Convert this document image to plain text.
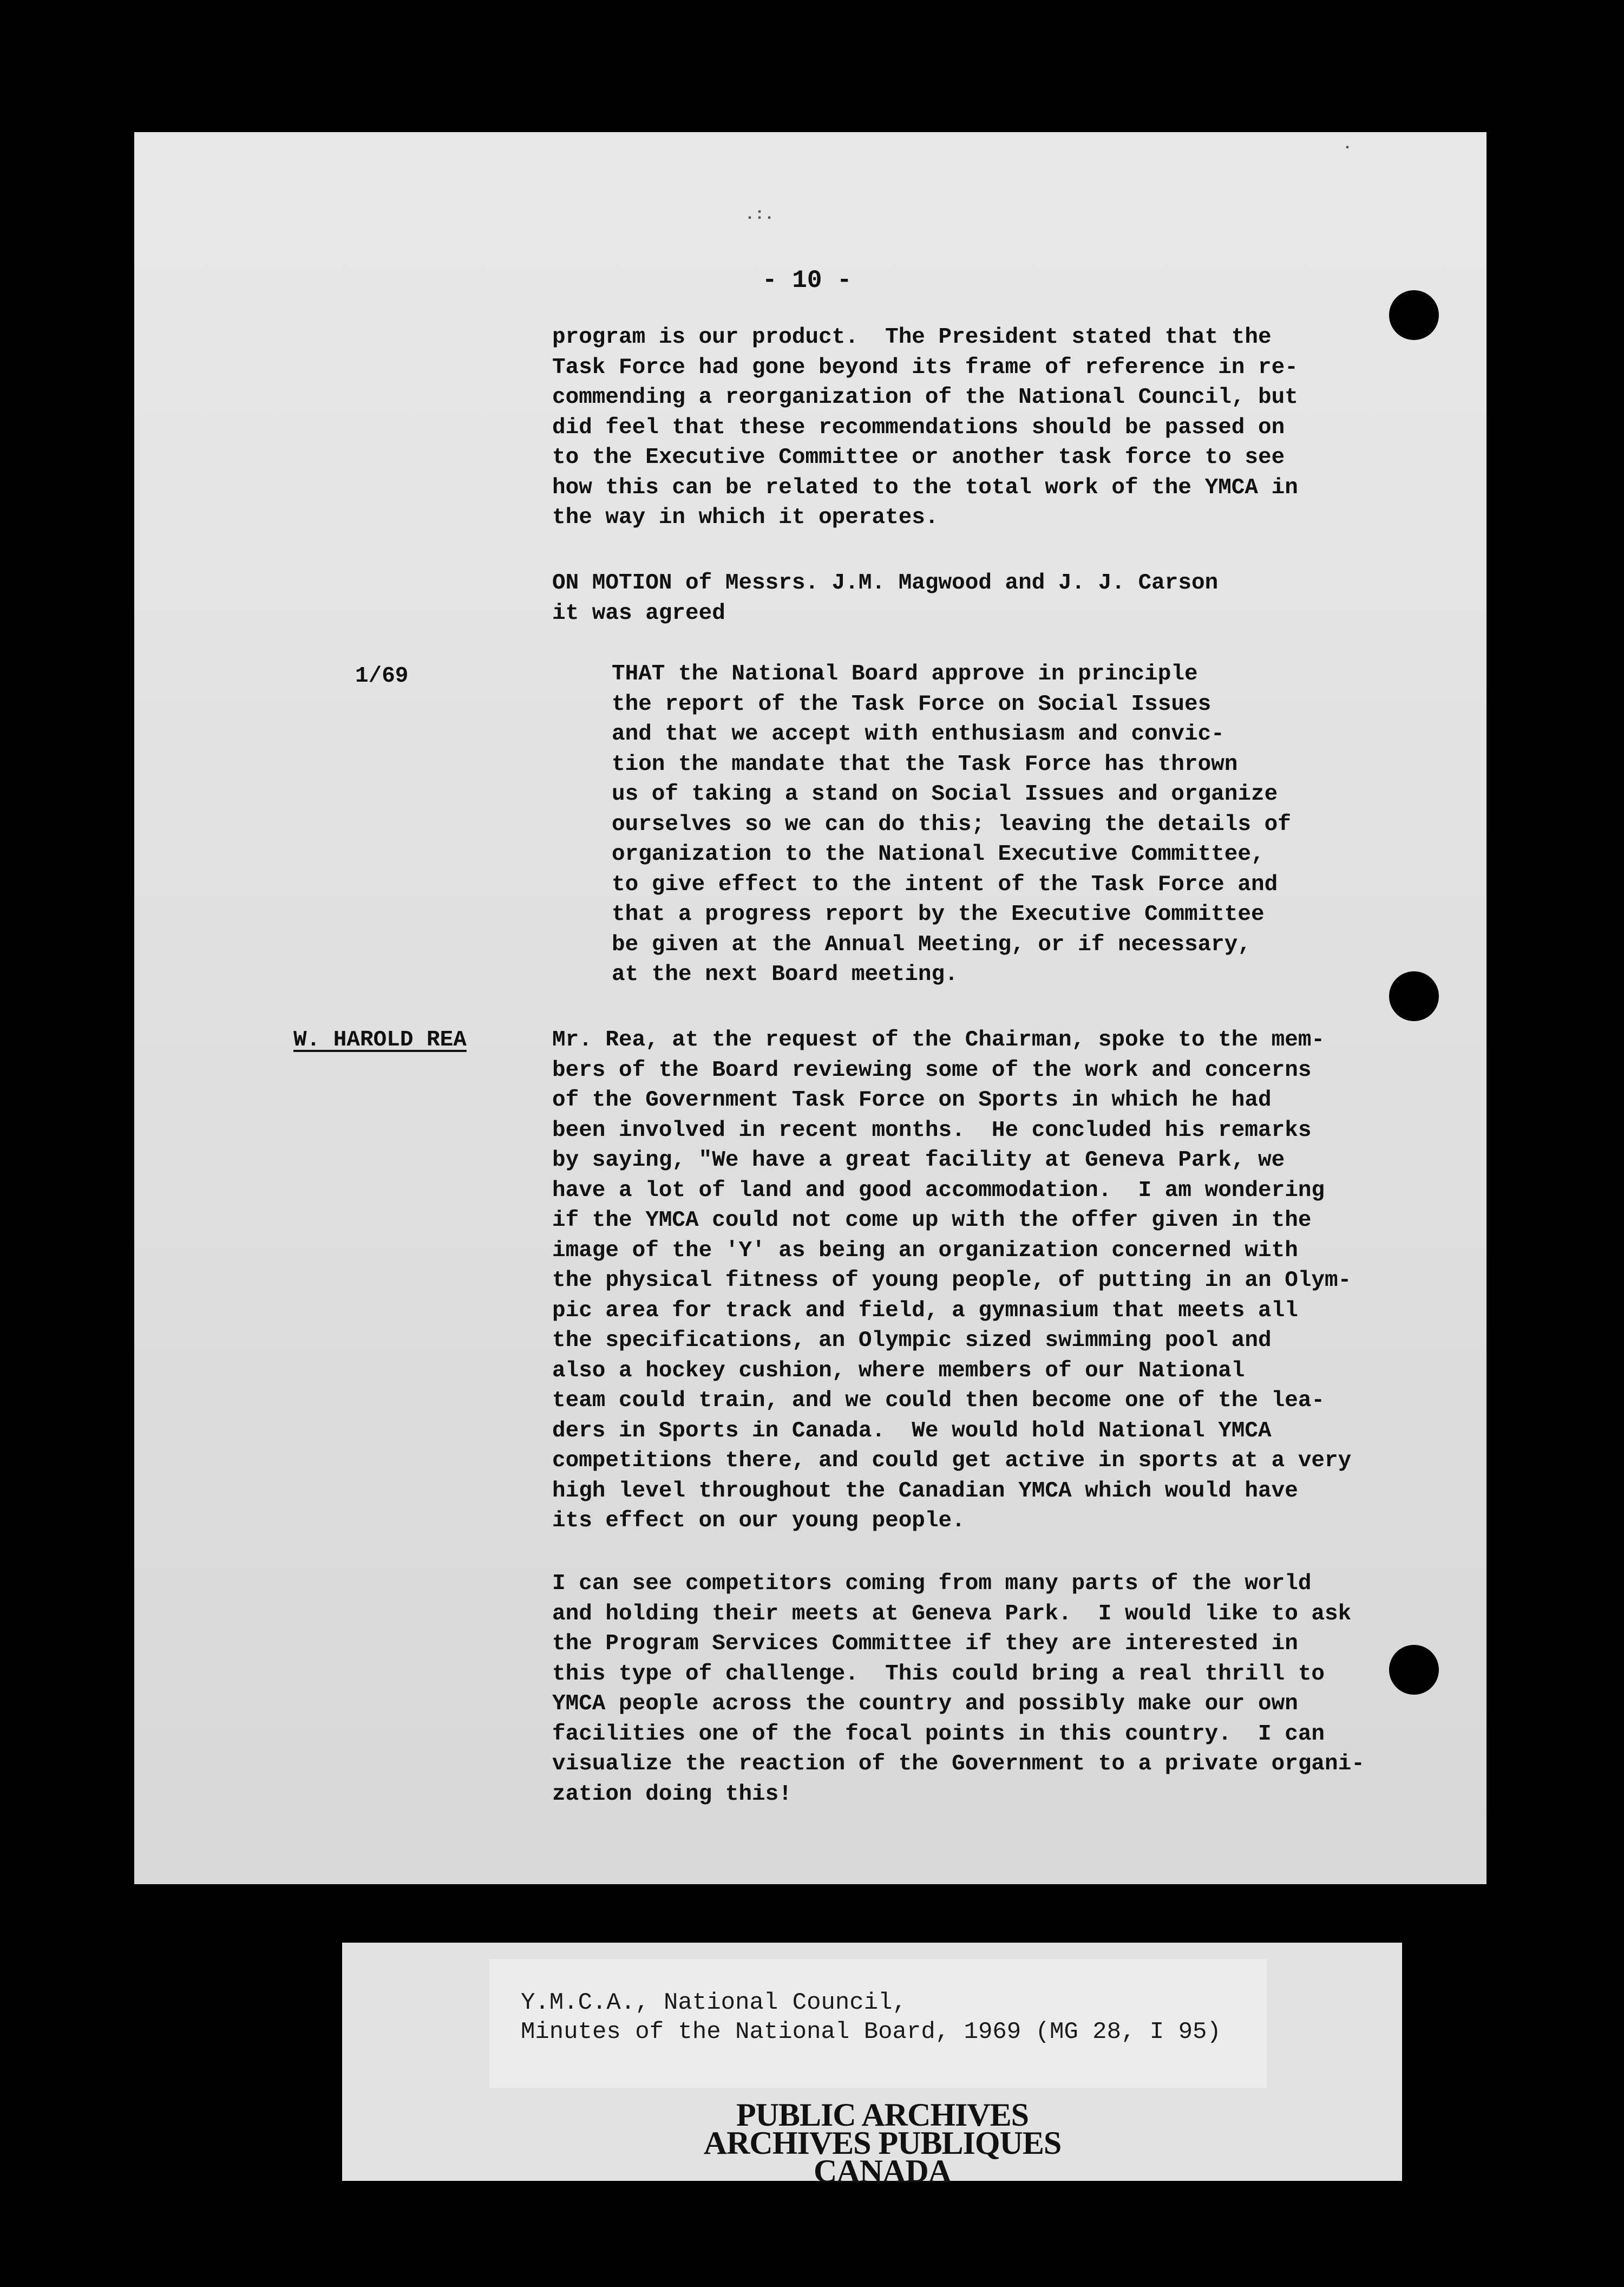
.:.
.
- 10 -
program is our product.  The President stated that the
Task Force had gone beyond its frame of reference in re-
commending a reorganization of the National Council, but
did feel that these recommendations should be passed on
to the Executive Committee or another task force to see
how this can be related to the total work of the YMCA in
the way in which it operates.
ON MOTION of Messrs. J.M. Magwood and J. J. Carson
it was agreed
1/69	THAT the National Board approve in principle
the report of the Task Force on Social Issues
and that we accept with enthusiasm and convic-
tion the mandate that the Task Force has thrown
us of taking a stand on Social Issues and organize
ourselves so we can do this; leaving the details of
organization to the National Executive Committee,
to give effect to the intent of the Task Force and
that a progress report by the Executive Committee
be given at the Annual Meeting, or if necessary,
at the next Board meeting.
W. HAROLD REA	Mr. Rea, at the request of the Chairman, spoke to the mem-
bers of the Board reviewing some of the work and concerns
of the Government Task Force on Sports in which he had
been involved in recent months.  He concluded his remarks
by saying, "We have a great facility at Geneva Park, we
have a lot of land and good accommodation.  I am wondering
if the YMCA could not come up with the offer given in the
image of the 'Y' as being an organization concerned with
the physical fitness of young people, of putting in an Olym-
pic area for track and field, a gymnasium that meets all
the specifications, an Olympic sized swimming pool and
also a hockey cushion, where members of our National
team could train, and we could then become one of the lea-
ders in Sports in Canada.  We would hold National YMCA
competitions there, and could get active in sports at a very
high level throughout the Canadian YMCA which would have
its effect on our young people.
I can see competitors coming from many parts of the world
and holding their meets at Geneva Park.  I would like to ask
the Program Services Committee if they are interested in
this type of challenge.  This could bring a real thrill to
YMCA people across the country and possibly make our own
facilities one of the focal points in this country.  I can
visualize the reaction of the Government to a private organi-
zation doing this!
Y.M.C.A., National Council,
Minutes of the National Board, 1969 (MG 28, I 95)
PUBLIC ARCHIVES
ARCHIVES PUBLIQUES
CANADA
